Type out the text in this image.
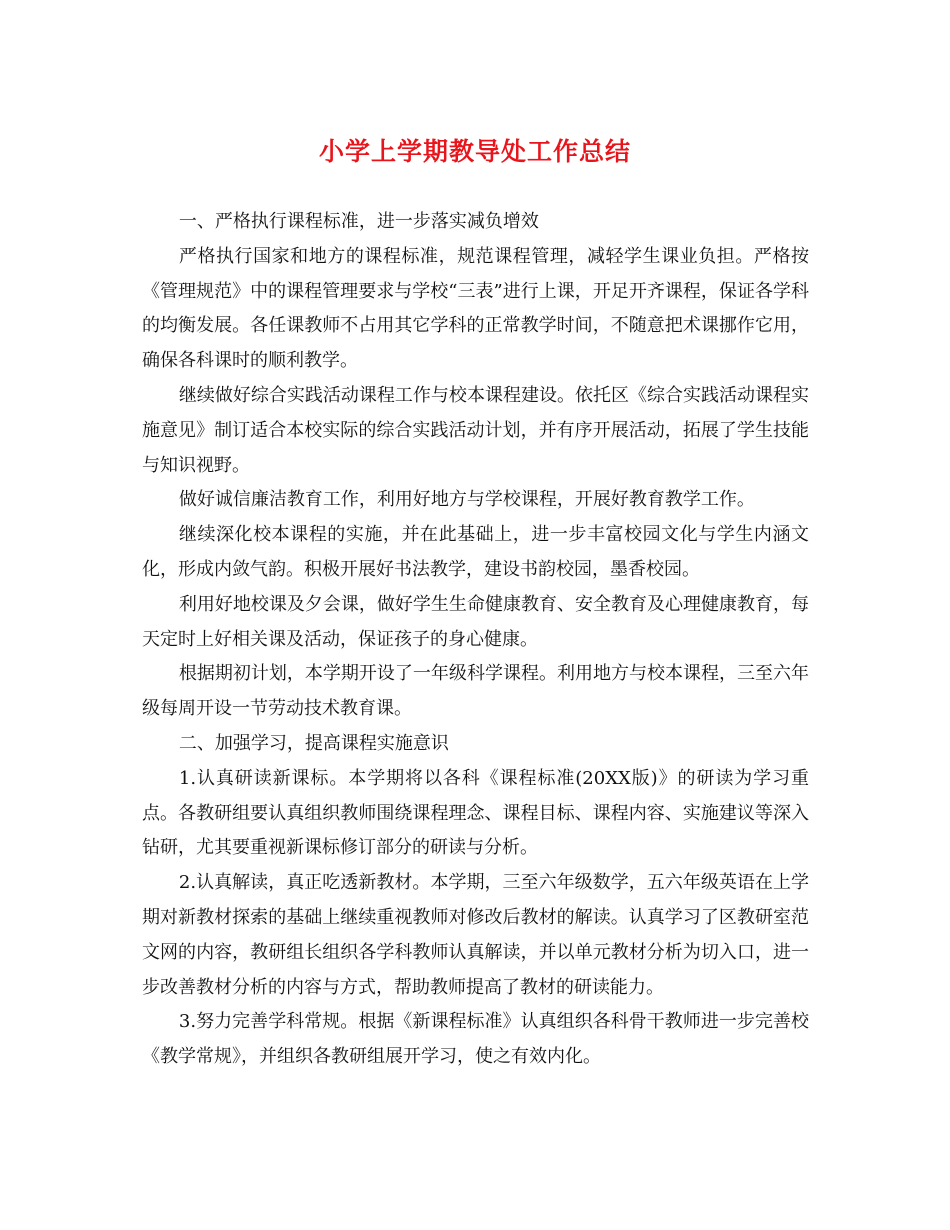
小学上学期教导处工作总结

一、严格执行课程标准，进一步落实减负增效

严格执行国家和地方的课程标准，规范课程管理，减轻学生课业负担。严格按《管理规范》中的课程管理要求与学校“三表”进行上课，开足开齐课程，保证各学科的均衡发展。各任课教师不占用其它学科的正常教学时间，不随意把术课挪作它用，确保各科课时的顺利教学。

继续做好综合实践活动课程工作与校本课程建设。依托区《综合实践活动课程实施意见》制订适合本校实际的综合实践活动计划，并有序开展活动，拓展了学生技能与知识视野。

做好诚信廉洁教育工作，利用好地方与学校课程，开展好教育教学工作。

继续深化校本课程的实施，并在此基础上，进一步丰富校园文化与学生内涵文化，形成内敛气韵。积极开展好书法教学，建设书韵校园，墨香校园。

利用好地校课及夕会课，做好学生生命健康教育、安全教育及心理健康教育，每天定时上好相关课及活动，保证孩子的身心健康。

根据期初计划，本学期开设了一年级科学课程。利用地方与校本课程，三至六年级每周开设一节劳动技术教育课。

二、加强学习，提高课程实施意识

1.认真研读新课标。本学期将以各科《课程标准(20XX版)》的研读为学习重点。各教研组要认真组织教师围绕课程理念、课程目标、课程内容、实施建议等深入钻研，尤其要重视新课标修订部分的研读与分析。

2.认真解读，真正吃透新教材。本学期，三至六年级数学，五六年级英语在上学期对新教材探索的基础上继续重视教师对修改后教材的解读。认真学习了区教研室范文网的内容，教研组长组织各学科教师认真解读，并以单元教材分析为切入口，进一步改善教材分析的内容与方式，帮助教师提高了教材的研读能力。

3.努力完善学科常规。根据《新课程标准》认真组织各科骨干教师进一步完善校《教学常规》，并组织各教研组展开学习，使之有效内化。
